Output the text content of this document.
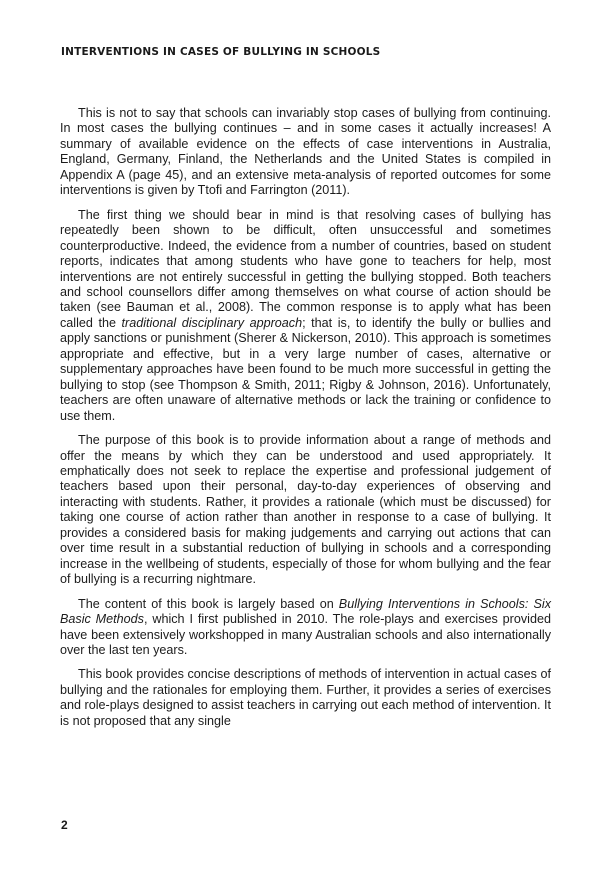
INTERVENTIONS IN CASES OF BULLYING IN SCHOOLS

This is not to say that schools can invariably stop cases of bullying from continuing. In most cases the bullying continues – and in some cases it actually increases! A summary of available evidence on the effects of case interventions in Australia, England, Germany, Finland, the Netherlands and the United States is compiled in Appendix A (page 45), and an extensive meta-analysis of reported outcomes for some interventions is given by Ttofi and Farrington (2011).

The first thing we should bear in mind is that resolving cases of bullying has repeatedly been shown to be difficult, often unsuccessful and sometimes counterproductive. Indeed, the evidence from a number of countries, based on student reports, indicates that among students who have gone to teachers for help, most interventions are not entirely successful in getting the bullying stopped. Both teachers and school counsellors differ among themselves on what course of action should be taken (see Bauman et al., 2008). The common response is to apply what has been called the traditional disciplinary approach; that is, to identify the bully or bullies and apply sanctions or punishment (Sherer & Nickerson, 2010). This approach is sometimes appropriate and effective, but in a very large number of cases, alternative or supplementary approaches have been found to be much more successful in getting the bullying to stop (see Thompson & Smith, 2011; Rigby & Johnson, 2016). Unfortunately, teachers are often unaware of alternative methods or lack the training or confidence to use them.

The purpose of this book is to provide information about a range of methods and offer the means by which they can be understood and used appropriately. It emphatically does not seek to replace the expertise and professional judgement of teachers based upon their personal, day-to-day experiences of observing and interacting with students. Rather, it provides a rationale (which must be discussed) for taking one course of action rather than another in response to a case of bullying. It provides a considered basis for making judgements and carrying out actions that can over time result in a substantial reduction of bullying in schools and a corresponding increase in the wellbeing of students, especially of those for whom bullying and the fear of bullying is a recurring nightmare.

The content of this book is largely based on Bullying Interventions in Schools: Six Basic Methods, which I first published in 2010. The role-plays and exercises provided have been extensively workshopped in many Australian schools and also internationally over the last ten years.

This book provides concise descriptions of methods of intervention in actual cases of bullying and the rationales for employing them. Further, it provides a series of exercises and role-plays designed to assist teachers in carrying out each method of intervention. It is not proposed that any single

2
